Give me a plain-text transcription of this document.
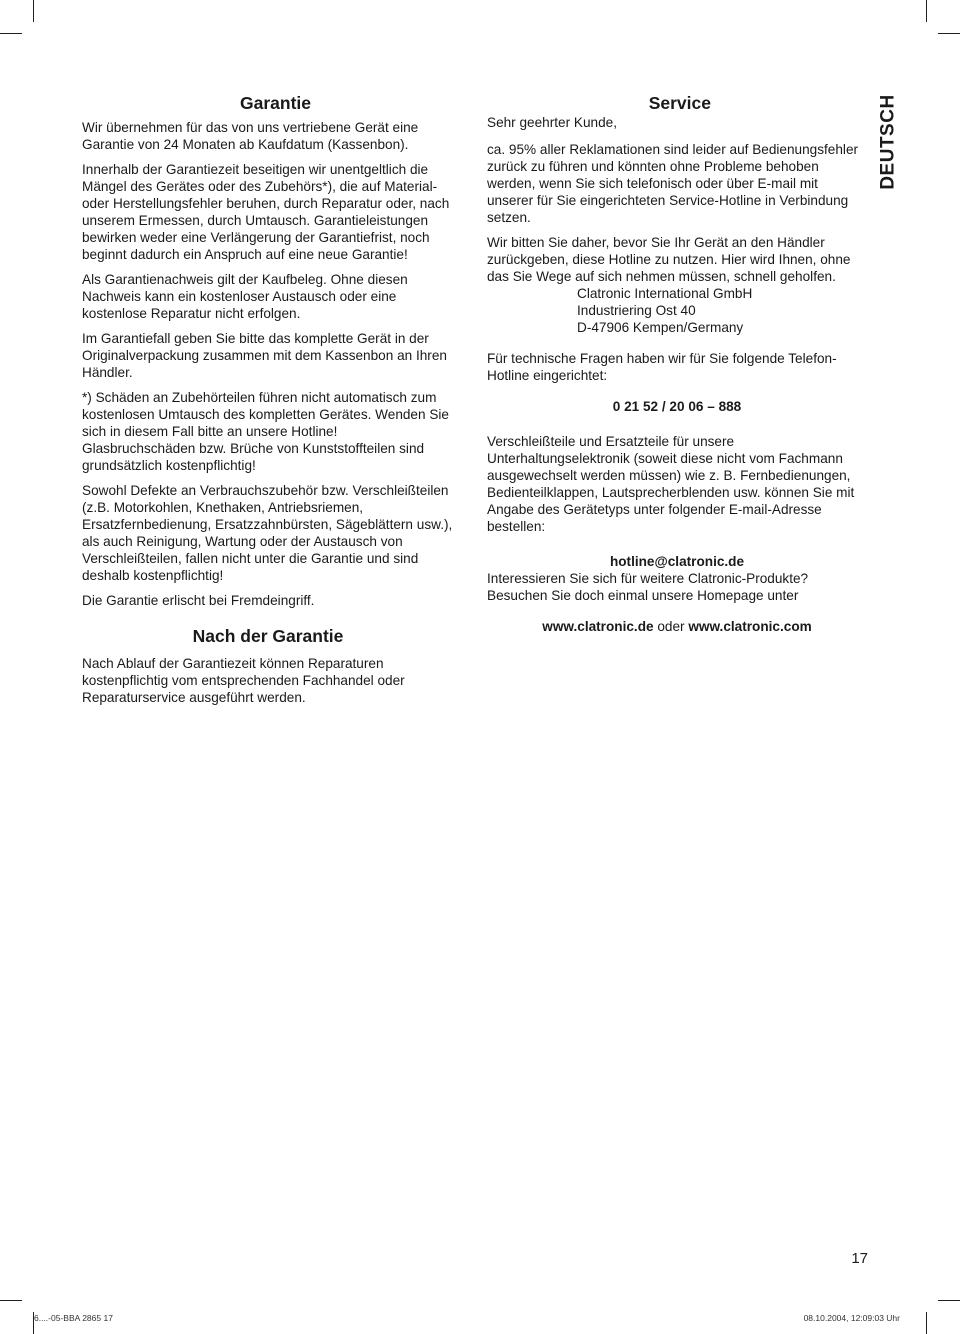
Garantie

Wir übernehmen für das von uns vertriebene Gerät eine Garantie von 24 Monaten ab Kaufdatum (Kassenbon).

Innerhalb der Garantiezeit beseitigen wir unentgeltlich die Mängel des Gerätes oder des Zubehörs*), die auf Material- oder Herstellungsfehler beruhen, durch Reparatur oder, nach unserem Ermessen, durch Umtausch. Garantieleistungen bewirken weder eine Verlängerung der Garantiefrist, noch beginnt dadurch ein Anspruch auf eine neue Garantie!

Als Garantienachweis gilt der Kaufbeleg. Ohne diesen Nachweis kann ein kostenloser Austausch oder eine kostenlose Reparatur nicht erfolgen.

Im Garantiefall geben Sie bitte das komplette Gerät in der Originalverpackung zusammen mit dem Kassenbon an Ihren Händler.

*) Schäden an Zubehörteilen führen nicht automatisch zum kostenlosen Umtausch des kompletten Gerätes. Wenden Sie sich in diesem Fall bitte an unsere Hotline! Glasbruchschäden bzw. Brüche von Kunststoffteilen sind grundsätzlich kostenpflichtig!

Sowohl Defekte an Verbrauchszubehör bzw. Verschleißteilen (z.B. Motorkohlen, Knethaken, Antriebsriemen, Ersatzfernbedienung, Ersatzzahnbürsten, Sägeblättern usw.), als auch Reinigung, Wartung oder der Austausch von Verschleißteilen, fallen nicht unter die Garantie und sind deshalb kostenpflichtig!

Die Garantie erlischt bei Fremdeingriff.

Nach der Garantie

Nach Ablauf der Garantiezeit können Reparaturen kostenpflichtig vom entsprechenden Fachhandel oder Reparaturservice ausgeführt werden.

Service

Sehr geehrter Kunde,

ca. 95% aller Reklamationen sind leider auf Bedienungsfehler zurück zu führen und könnten ohne Probleme behoben werden, wenn Sie sich telefonisch oder über E-mail mit unserer für Sie eingerichteten Service-Hotline in Verbindung setzen.

Wir bitten Sie daher, bevor Sie Ihr Gerät an den Händler zurückgeben, diese Hotline zu nutzen. Hier wird Ihnen, ohne das Sie Wege auf sich nehmen müssen, schnell geholfen.

Clatronic International GmbH
Industriering Ost 40
D-47906 Kempen/Germany

Für technische Fragen haben wir für Sie folgende Telefon-Hotline eingerichtet:

0 21 52 / 20 06 – 888

Verschleißteile und Ersatzteile für unsere Unterhaltungselektronik (soweit diese nicht vom Fachmann ausgewechselt werden müssen) wie z. B. Fernbedienungen, Bedienteilklappen, Lautsprecherblenden usw. können Sie mit Angabe des Gerätetyps unter folgender E-mail-Adresse bestellen:

hotline@clatronic.de
Interessieren Sie sich für weitere Clatronic-Produkte?
Besuchen Sie doch einmal unsere Homepage unter
www.clatronic.de oder www.clatronic.com
DEUTSCH
17
6....-05-BBA 2865 17	08.10.2004, 12:09:03 Uhr
